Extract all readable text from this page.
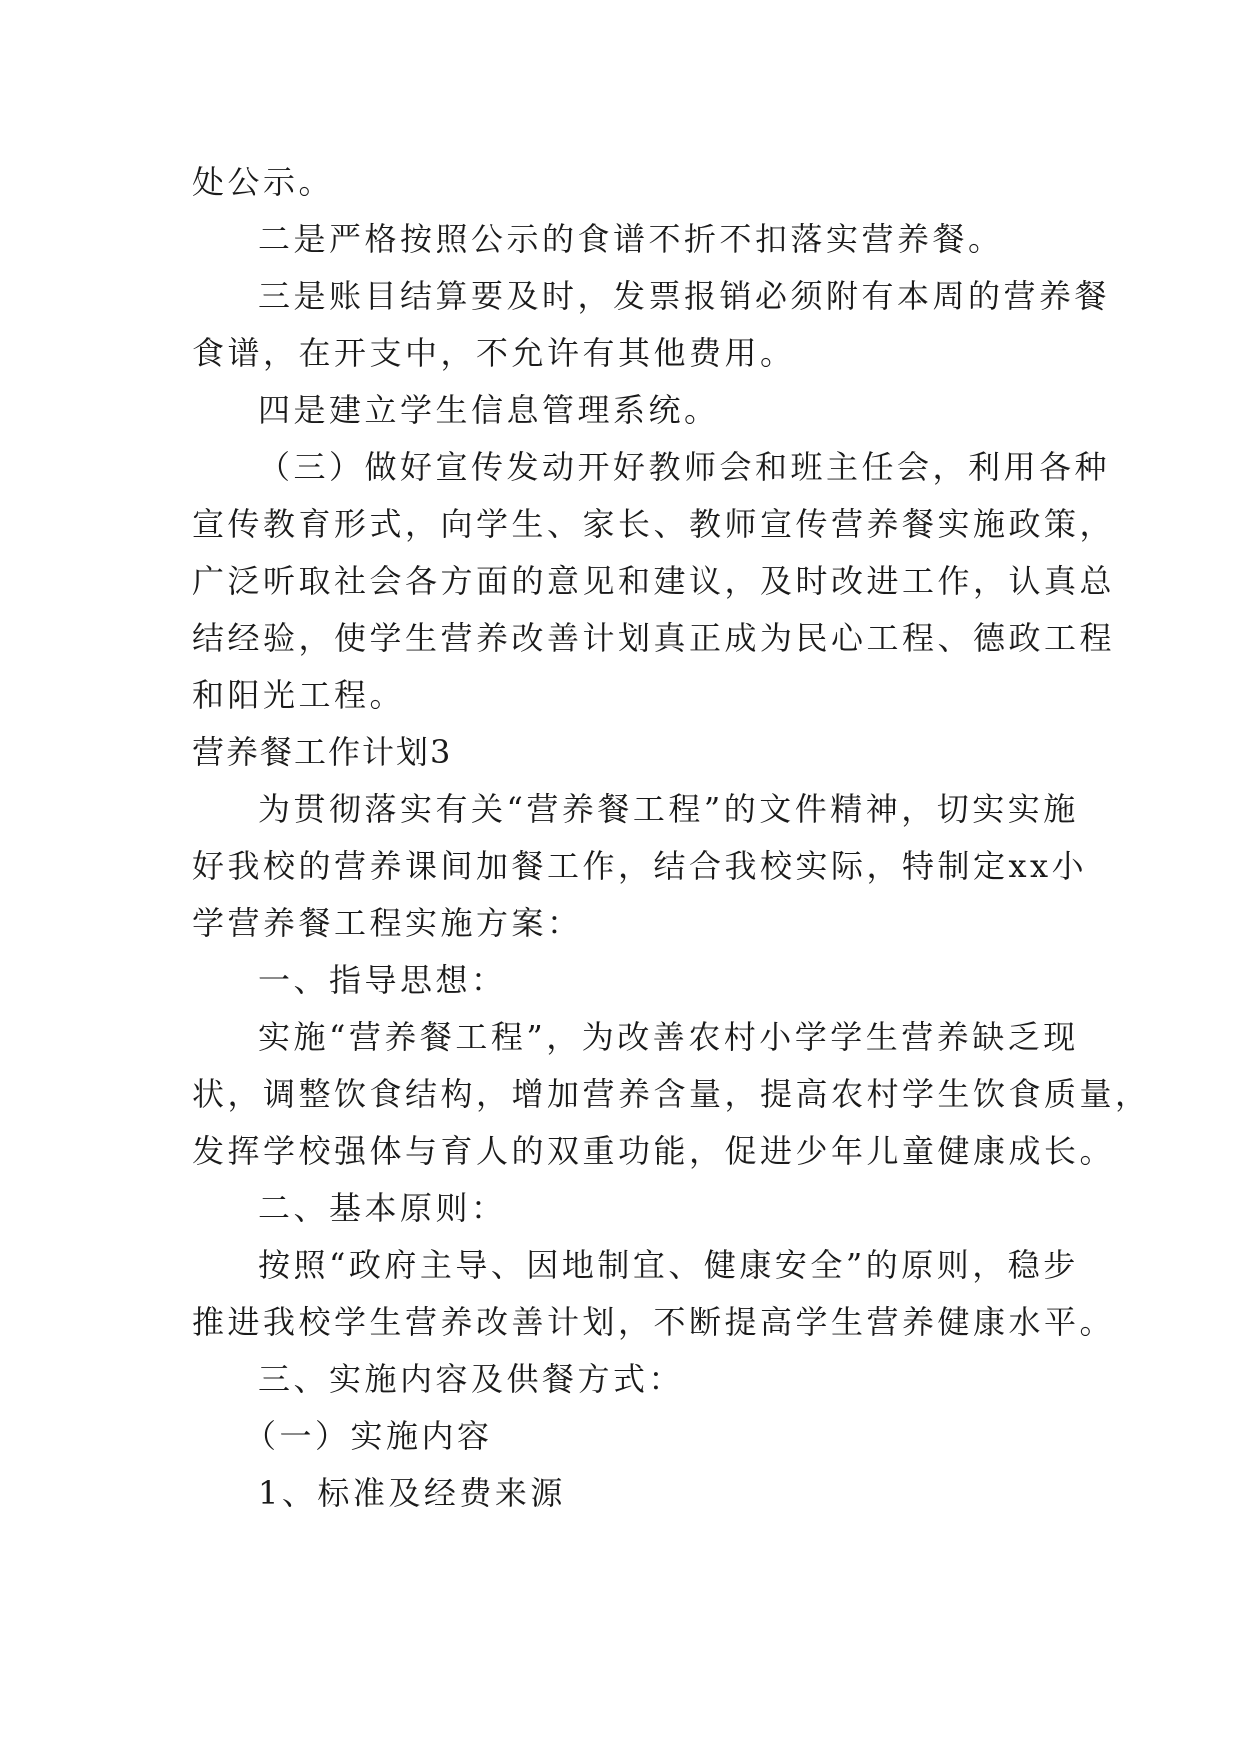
处公示。
二是严格按照公示的食谱不折不扣落实营养餐。
三是账目结算要及时，发票报销必须附有本周的营养餐
食谱，在开支中，不允许有其他费用。
四是建立学生信息管理系统。
（三）做好宣传发动开好教师会和班主任会，利用各种
宣传教育形式，向学生、家长、教师宣传营养餐实施政策，
广泛听取社会各方面的意见和建议，及时改进工作，认真总
结经验，使学生营养改善计划真正成为民心工程、德政工程
和阳光工程。
营养餐工作计划3
为贯彻落实有关“营养餐工程”的文件精神，切实实施
好我校的营养课间加餐工作，结合我校实际，特制定xx小
学营养餐工程实施方案：
一、指导思想：
实施“营养餐工程”，为改善农村小学学生营养缺乏现
状，调整饮食结构，增加营养含量，提高农村学生饮食质量，
发挥学校强体与育人的双重功能，促进少年儿童健康成长。
二、基本原则：
按照“政府主导、因地制宜、健康安全”的原则，稳步
推进我校学生营养改善计划，不断提高学生营养健康水平。
三、实施内容及供餐方式：
（一）实施内容
1、标准及经费来源
